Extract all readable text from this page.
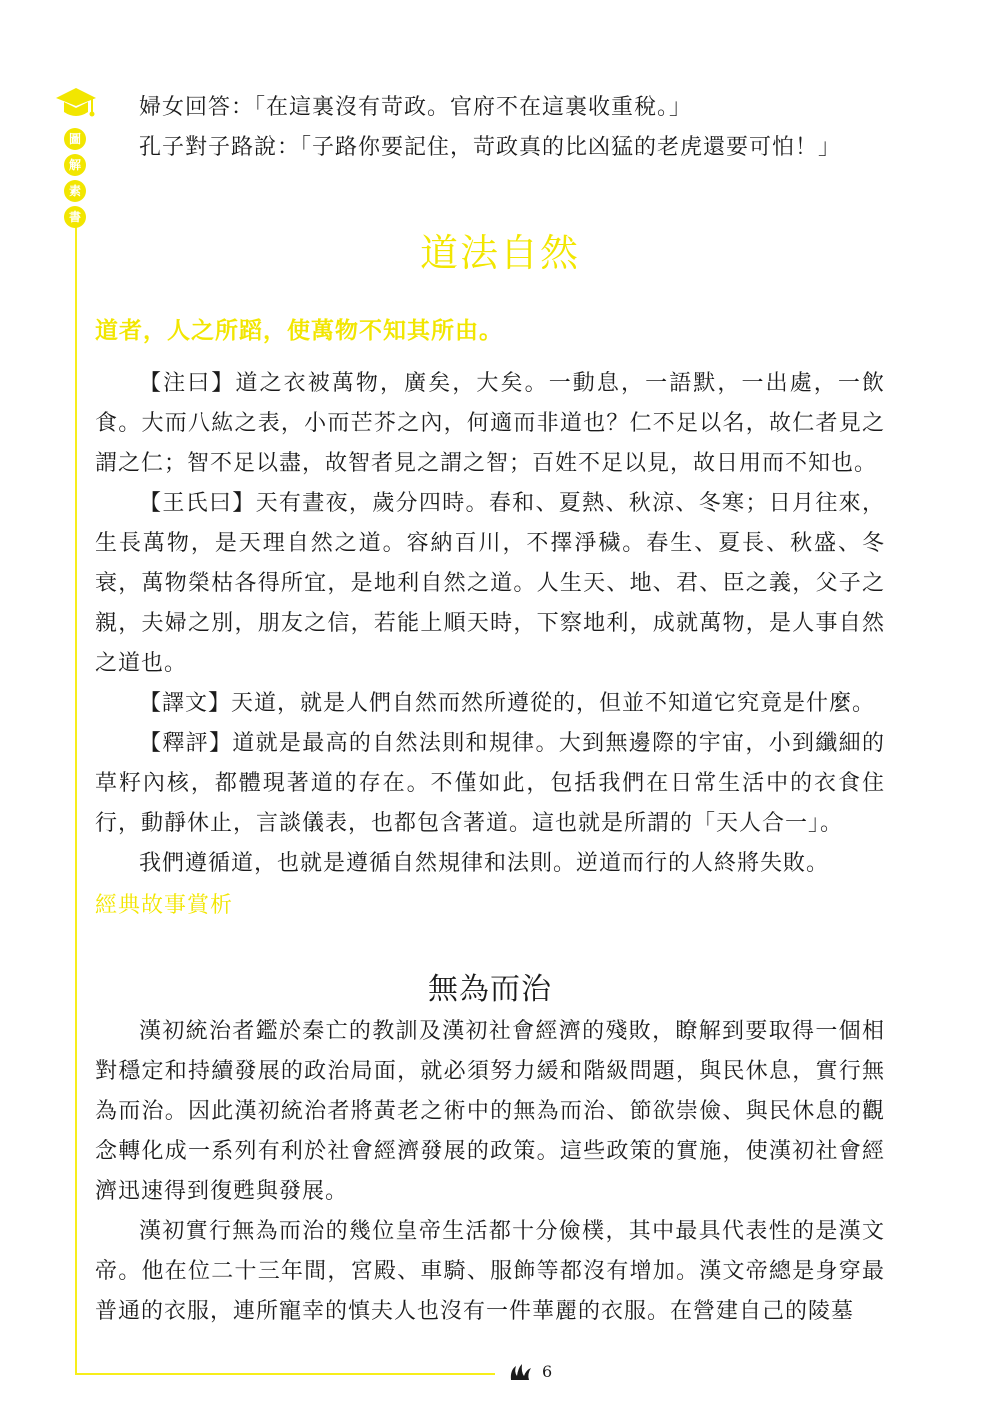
圖
解
素
書

婦女回答：「在這裏沒有苛政。官府不在這裏收重稅。」

孔子對子路說：「子路你要記住，苛政真的比凶猛的老虎還要可怕！」

道法自然
道者，人之所蹈，使萬物不知其所由。

【注曰】道之衣被萬物，廣矣，大矣。一動息，一語默，一出處，一飲食。大而八紘之表，小而芒芥之內，何適而非道也？仁不足以名，故仁者見之謂之仁；智不足以盡，故智者見之謂之智；百姓不足以見，故日用而不知也。

【王氏曰】天有晝夜，歲分四時。春和、夏熱、秋涼、冬寒；日月往來，生長萬物，是天理自然之道。容納百川，不擇淨穢。春生、夏長、秋盛、冬衰，萬物榮枯各得所宜，是地利自然之道。人生天、地、君、臣之義，父子之親，夫婦之別，朋友之信，若能上順天時，下察地利，成就萬物，是人事自然之道也。

【譯文】天道，就是人們自然而然所遵從的，但並不知道它究竟是什麼。

【釋評】道就是最高的自然法則和規律。大到無邊際的宇宙，小到纖細的草籽內核，都體現著道的存在。不僅如此，包括我們在日常生活中的衣食住行，動靜休止，言談儀表，也都包含著道。這也就是所謂的「天人合一」。

我們遵循道，也就是遵循自然規律和法則。逆道而行的人終將失敗。

經典故事賞析
無為而治

漢初統治者鑑於秦亡的教訓及漢初社會經濟的殘敗，瞭解到要取得一個相對穩定和持續發展的政治局面，就必須努力緩和階級問題，與民休息，實行無為而治。因此漢初統治者將黃老之術中的無為而治、節欲崇儉、與民休息的觀念轉化成一系列有利於社會經濟發展的政策。這些政策的實施，使漢初社會經濟迅速得到復甦與發展。

漢初實行無為而治的幾位皇帝生活都十分儉樸，其中最具代表性的是漢文帝。他在位二十三年間，宮殿、車騎、服飾等都沒有增加。漢文帝總是身穿最普通的衣服，連所寵幸的慎夫人也沒有一件華麗的衣服。在營建自己的陵墓

6
